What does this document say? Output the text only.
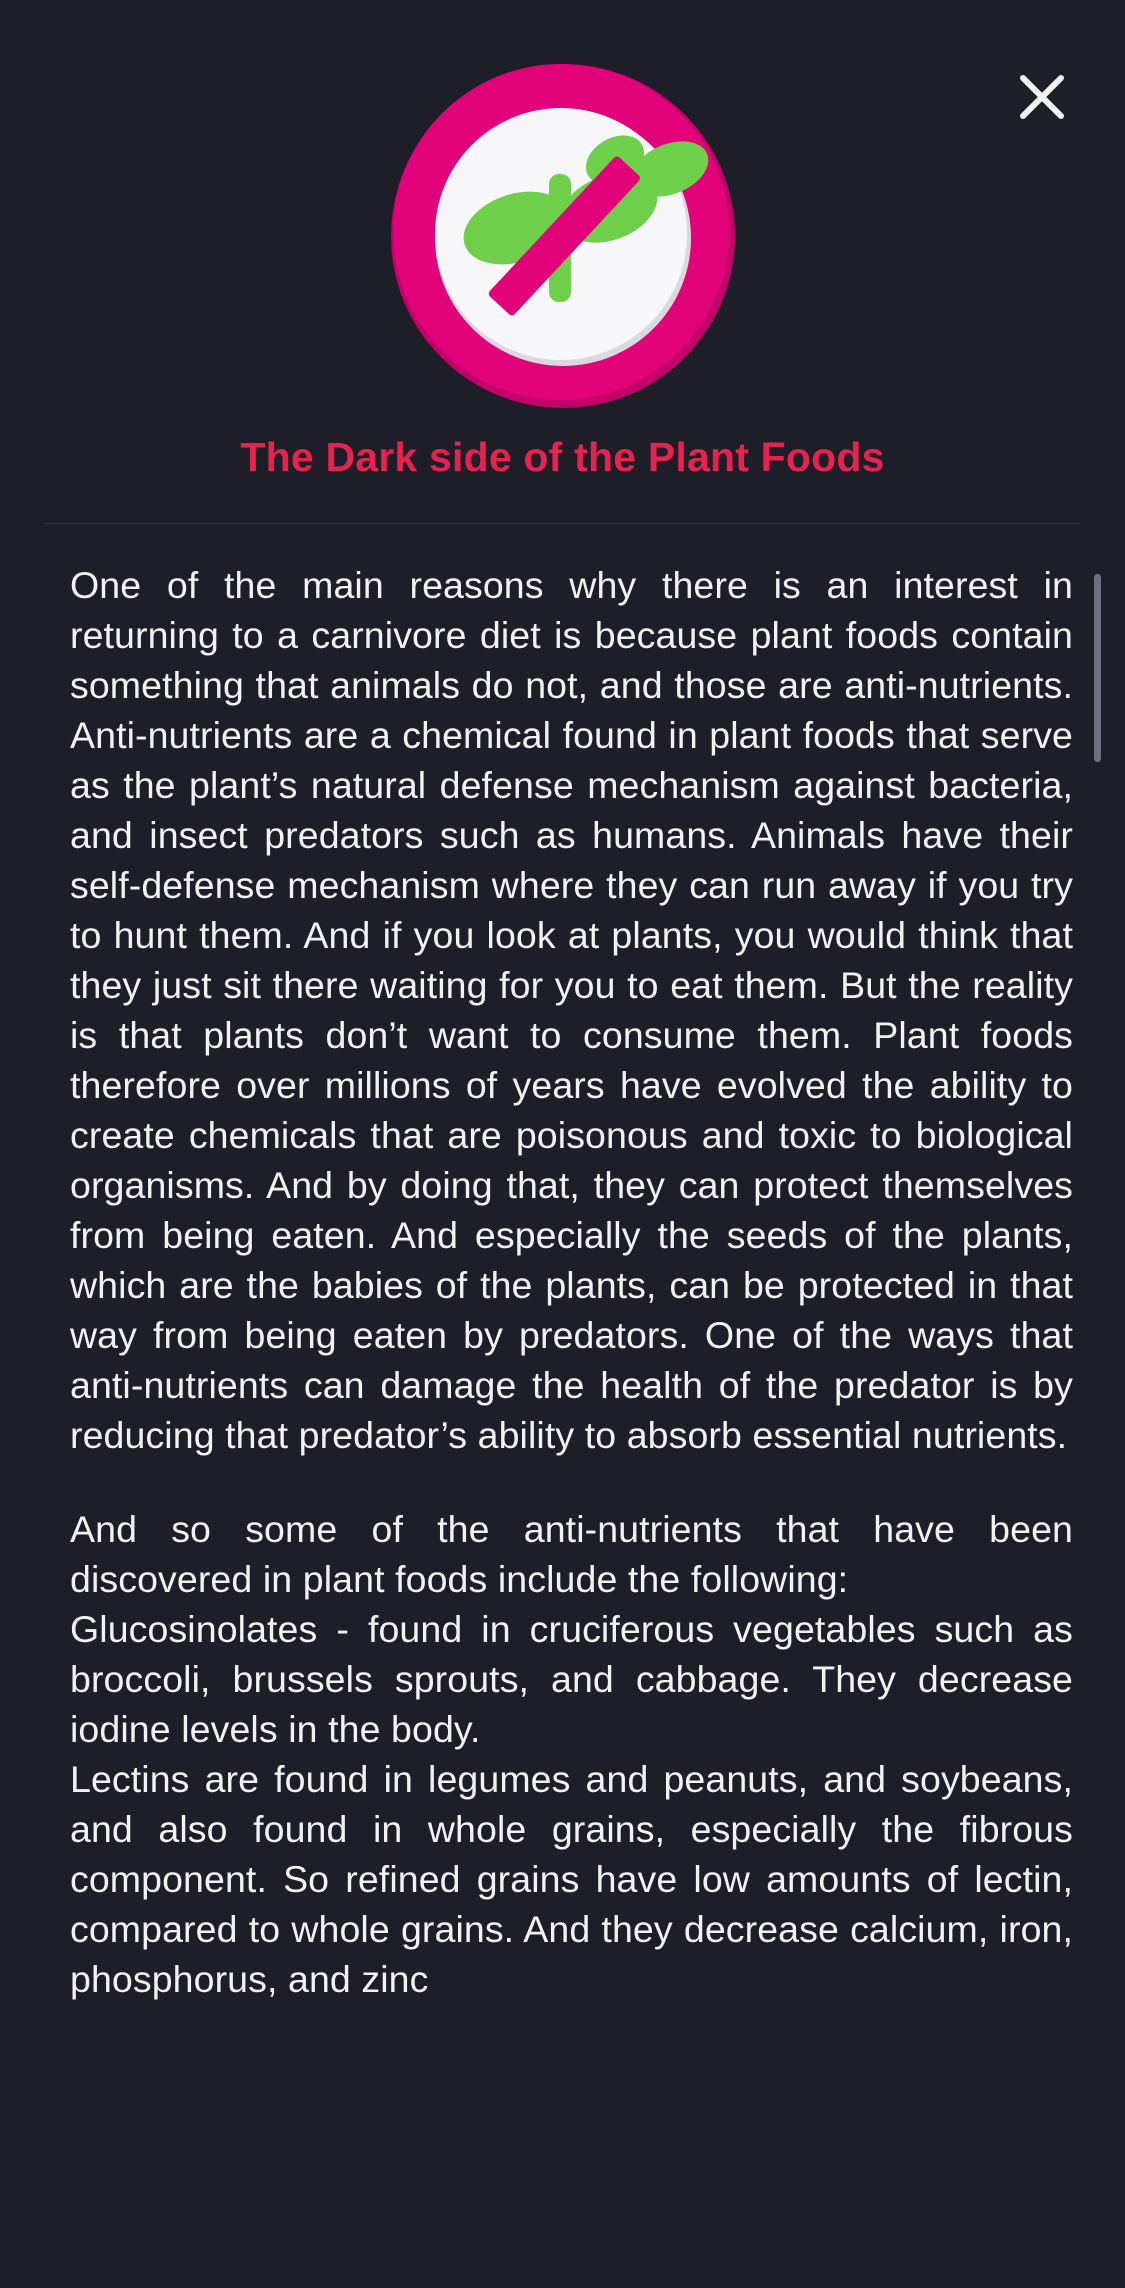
The Dark side of the Plant Foods

One of the main reasons why there is an interest in returning to a carnivore diet is because plant foods contain something that animals do not, and those are anti-nutrients. Anti-nutrients are a chemical found in plant foods that serve as the plant’s natural defense mechanism against bacteria, and insect predators such as humans. Animals have their self-defense mechanism where they can run away if you try to hunt them. And if you look at plants, you would think that they just sit there waiting for you to eat them. But the reality is that plants don’t want to consume them. Plant foods therefore over millions of years have evolved the ability to create chemicals that are poisonous and toxic to biological organisms. And by doing that, they can protect themselves from being eaten. And especially the seeds of the plants, which are the babies of the plants, can be protected in that way from being eaten by predators. One of the ways that anti-nutrients can damage the health of the predator is by reducing that predator’s ability to absorb essential nutrients.

And so some of the anti-nutrients that have been discovered in plant foods include the following:
Glucosinolates - found in cruciferous vegetables such as broccoli, brussels sprouts, and cabbage. They decrease iodine levels in the body.
Lectins are found in legumes and peanuts, and soybeans, and also found in whole grains, especially the fibrous component. So refined grains have low amounts of lectin, compared to whole grains. And they decrease calcium, iron, phosphorus, and zinc
